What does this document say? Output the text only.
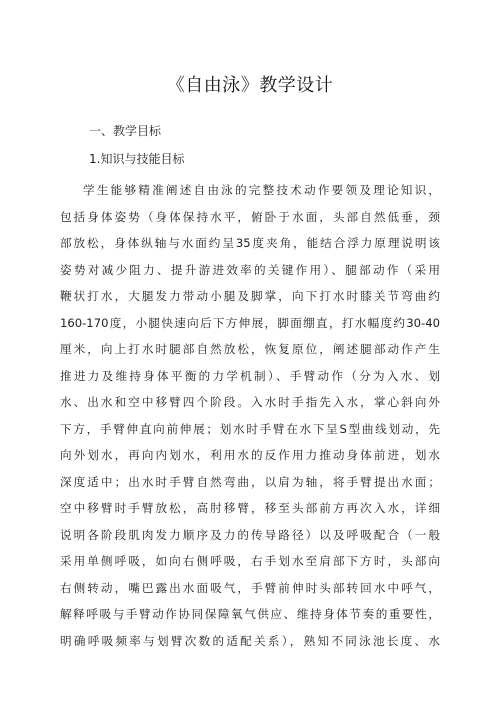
《自由泳》教学设计
一、教学目标
1.知识与技能目标
学生能够精准阐述自由泳的完整技术动作要领及理论知识，
包括身体姿势（身体保持水平，俯卧于水面，头部自然低垂，颈
部放松，身体纵轴与水面约呈35度夹角，能结合浮力原理说明该
姿势对减少阻力、提升游进效率的关键作用）、腿部动作（采用
鞭状打水，大腿发力带动小腿及脚掌，向下打水时膝关节弯曲约
160-170度，小腿快速向后下方伸展，脚面绷直，打水幅度约30-40
厘米，向上打水时腿部自然放松，恢复原位，阐述腿部动作产生
推进力及维持身体平衡的力学机制）、手臂动作（分为入水、划
水、出水和空中移臂四个阶段。入水时手指先入水，掌心斜向外
下方，手臂伸直向前伸展；划水时手臂在水下呈S型曲线划动，先
向外划水，再向内划水，利用水的反作用力推动身体前进，划水
深度适中；出水时手臂自然弯曲，以肩为轴，将手臂提出水面；
空中移臂时手臂放松，高肘移臂，移至头部前方再次入水，详细
说明各阶段肌肉发力顺序及力的传导路径）以及呼吸配合（一般
采用单侧呼吸，如向右侧呼吸，右手划水至肩部下方时，头部向
右侧转动，嘴巴露出水面吸气，手臂前伸时头部转回水中呼气，
解释呼吸与手臂动作协同保障氧气供应、维持身体节奏的重要性，
明确呼吸频率与划臂次数的适配关系），熟知不同泳池长度、水
